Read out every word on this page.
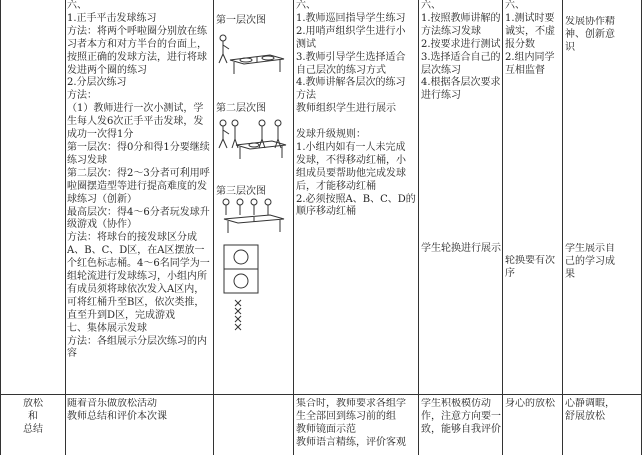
六、
1.正手平击发球练习
方法：将两个呼啦圈分别放在练
习者本方和对方半台的台面上，
按照正确的发球方法，进行将球
发进两个圈的练习
2.分层次练习
方法：
（1）教师进行一次小测试，学
生每人发6次正手平击发球，发
成功一次得1分
第一层次：得0分和得1分要继续
练习发球
第二层次：得2～3分者可利用呼
啦圈摆造型等进行提高难度的发
球练习（创新）
最高层次：得4～6分者玩发球升
级游戏（协作）
方法：将球台的接发球区分成
A、B、C、D区，在A区摆放一
个红色标志桶。4～6名同学为一
组轮流进行发球练习，小组内所
有成员须将球依次发入A区内，
可将红桶升至B区，依次类推，
直至升到D区，完成游戏
七、集体展示发球
方法：各组展示分层次练习的内
容
第一层次图
第二层次图
第三层次图
六、
1.教师巡回指导学生练习
2.用哨声组织学生进行小
测试
3.教师引导学生选择适合
自己层次的练习方式
4.教师讲解各层次的练习
方法
教师组织学生进行展示
发球升级规则：
1.小组内如有一人未完成
发球，不得移动红桶，小
组成员要帮助他完成发球
后，才能移动红桶
2.必须按照A、B、C、D的
顺序移动红桶
六、
1.按照教师讲解的
方法练习发球
2.按要求进行测试
3.选择适合自己的
层次练习
4.根据各层次要求
进行练习
学生轮换进行展示
六、
1.测试时要
诚实，不虚
报分数
2.组内同学
互相监督
轮换要有次
序
发展协作精
神、创新意
识
学生展示自
己的学习成
果
放松
和
总结
随着音乐做放松活动
教师总结和评价本次课
集合时，教师要求各组学
生全部回到练习前的组
教师镜面示范
教师语言精练，评价客观
学生积极模仿动
作，注意方向要一
致，能够自我评价
身心的放松	心静调暇，
舒展放松
